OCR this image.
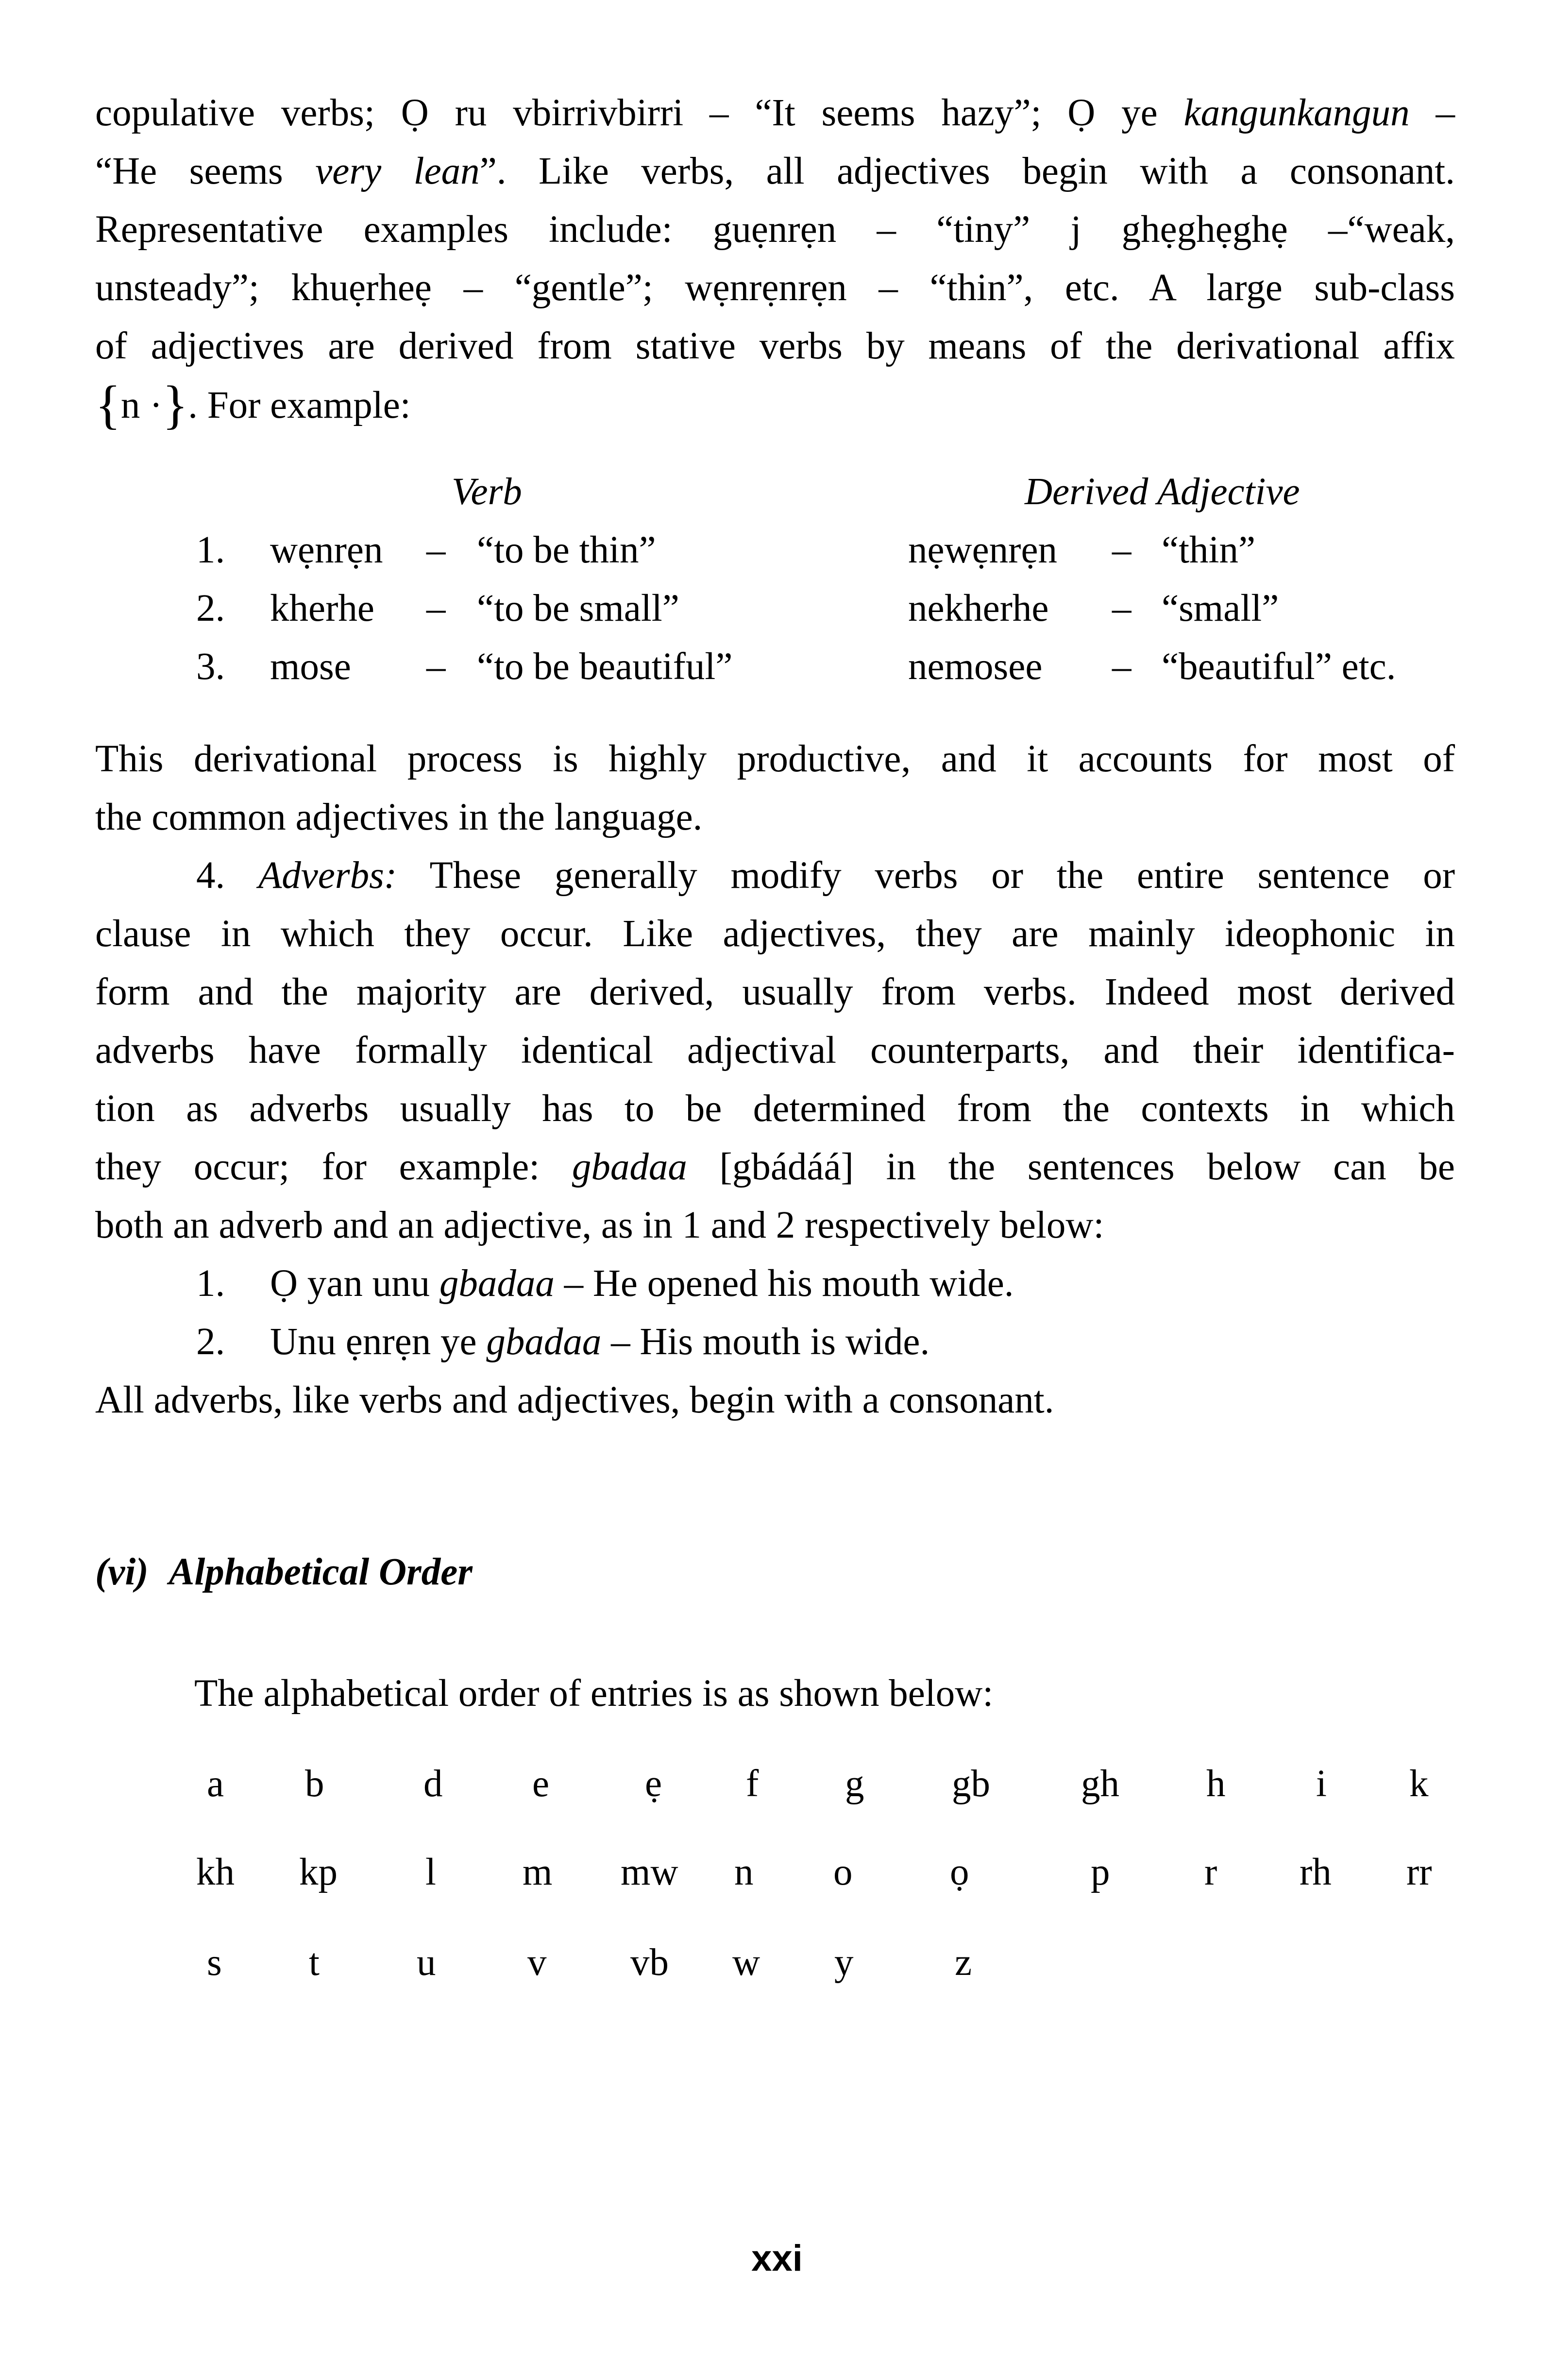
copulative verbs; Ọ ru vbirrivbirri – “It seems hazy”; Ọ ye kangunkangun –
“He seems very lean”. Like verbs, all adjectives begin with a consonant.
Representative examples include: guẹnrẹn – “tiny” j ghẹghẹghẹ –“weak,
unsteady”; khuẹrheẹ – “gentle”; wẹnrẹnrẹn – “thin”, etc. A large sub-class
of adjectives are derived from stative verbs by means of the derivational affix
{n ·}. For example:
Verb	Derived Adjective
1. wẹnrẹn – “to be thin”	nẹwẹnrẹn – “thin”
2. kherhe – “to be small”	nekherhe – “small”
3. mose – “to be beautiful”	nemosee – “beautiful” etc.
This derivational process is highly productive, and it accounts for most of
the common adjectives in the language.
4. Adverbs: These generally modify verbs or the entire sentence or
clause in which they occur. Like adjectives, they are mainly ideophonic in
form and the majority are derived, usually from verbs. Indeed most derived
adverbs have formally identical adjectival counterparts, and their identifica-
tion as adverbs usually has to be determined from the contexts in which
they occur; for example: gbadaa [gbádáá] in the sentences below can be
both an adverb and an adjective, as in 1 and 2 respectively below:
1. Ọ yan unu gbadaa – He opened his mouth wide.
2. Unu ẹnrẹn ye gbadaa – His mouth is wide.
All adverbs, like verbs and adjectives, begin with a consonant.
(vi) Alphabetical Order
The alphabetical order of entries is as shown below:
a b	d e ẹ f g gb gh h i k
kh kp l m mw n o	ọ	p r rh rr
s t	u v vb w y	z
xxi
